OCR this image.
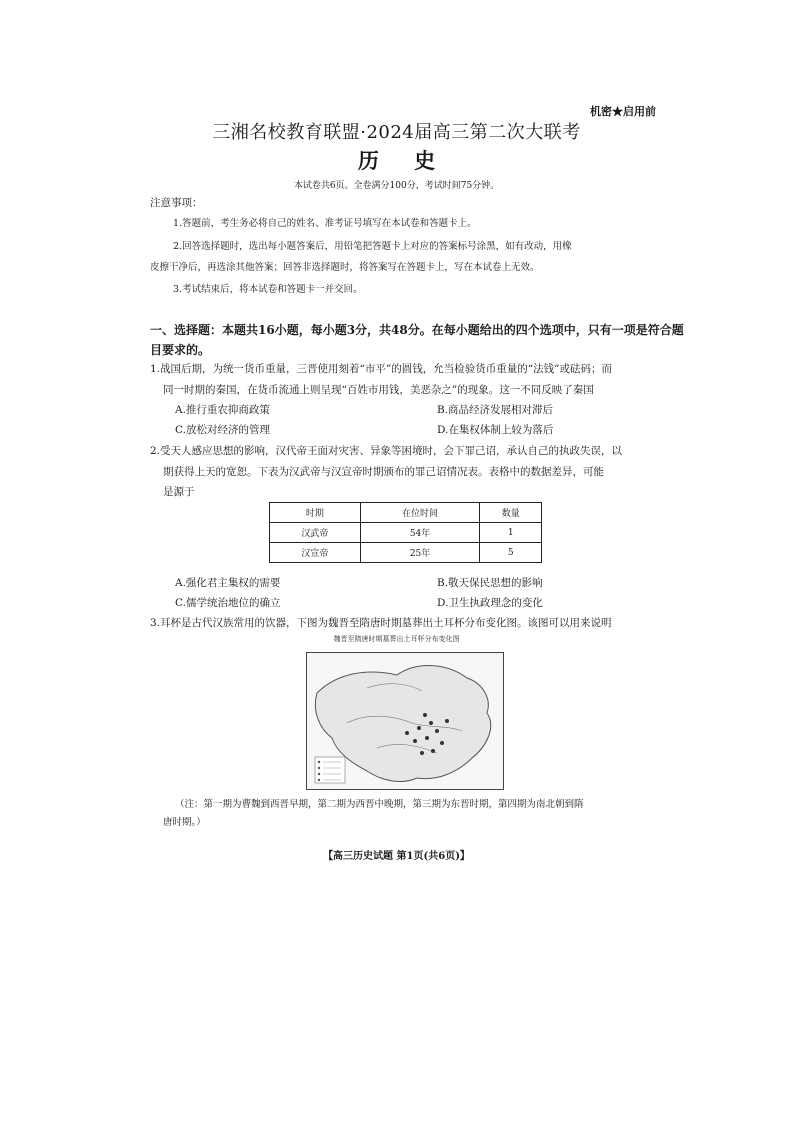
机密★启用前
三湘名校教育联盟·2024届高三第二次大联考
历 史
本试卷共6页。全卷满分100分，考试时间75分钟。
注意事项：
1.答题前，考生务必将自己的姓名、准考证号填写在本试卷和答题卡上。
2.回答选择题时，选出每小题答案后，用铅笔把答题卡上对应的答案标号涂黑，如有改动，用橡
皮擦干净后，再选涂其他答案；回答非选择题时，将答案写在答题卡上，写在本试卷上无效。
3.考试结束后，将本试卷和答题卡一并交回。
一、选择题：本题共16小题，每小题3分，共48分。在每小题给出的四个选项中，只有一项是符合题
目要求的。
1.战国后期，为统一货币重量，三晋使用刻着“市平”的圆钱，允当检验货币重量的“法钱”或砝码；而
同一时期的秦国，在货币流通上则呈现“百姓市用钱，美恶杂之”的现象。这一不同反映了秦国
A.推行重农抑商政策	B.商品经济发展相对滞后
C.放松对经济的管理	D.在集权体制上较为落后
2.受天人感应思想的影响，汉代帝王面对灾害、异象等困境时，会下罪己诏，承认自己的执政失误，以
期获得上天的宽恕。下表为汉武帝与汉宣帝时期颁布的罪己诏情况表。表格中的数据差异，可能
是源于
时期	在位时间	数量
汉武帝	54年	1
汉宣帝	25年	5
A.强化君主集权的需要	B.敬天保民思想的影响
C.儒学统治地位的确立	D.卫生执政理念的变化
3.耳杯是古代汉族常用的饮器，下图为魏晋至隋唐时期墓葬出土耳杯分布变化图。该图可以用来说明
魏晋至隋唐时期墓葬出土耳杯分布变化图
（注：第一期为曹魏到西晋早期，第二期为西晋中晚期，第三期为东晋时期，第四期为南北朝到隋
唐时期。）
【高三历史试题 第1页(共6页)】
